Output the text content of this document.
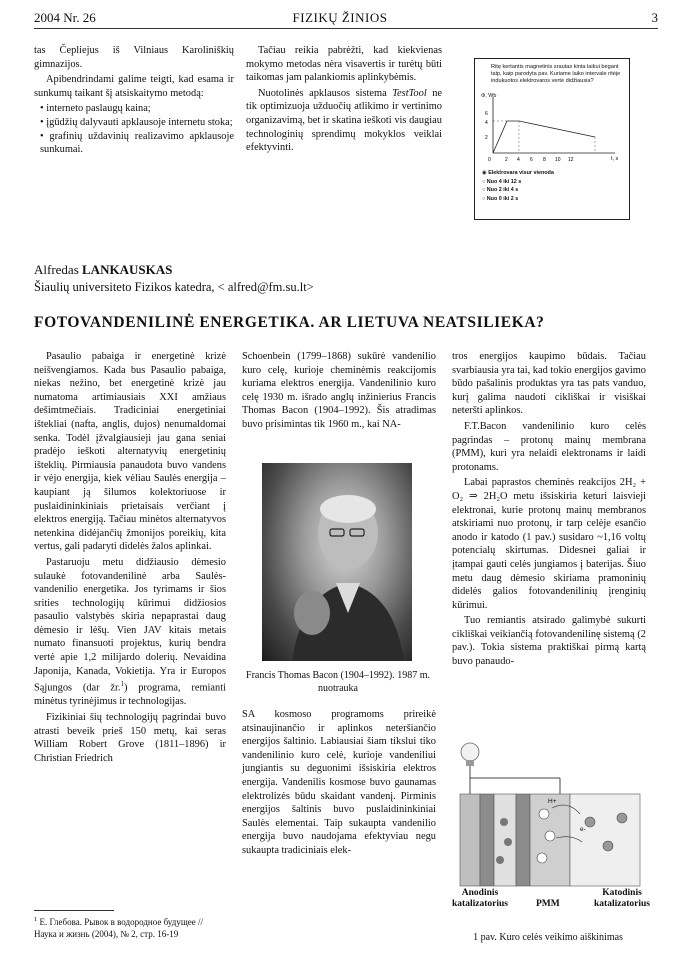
2004 Nr. 26	FIZIKŲ ŽINIOS	3

tas Čepliejus iš Vilniaus Karoliniškių gimnazijos.

Apibendrindami galime teigti, kad esama ir sunkumų taikant šį atsiskaitymo metodą:

• interneto paslaugų kaina;
• įgūdžių dalyvauti apklausoje internetu stoka;
• grafinių uždavinių realizavimo apklausoje sunkumai.

Tačiau reikia pabrėžti, kad kiekvienas mokymo metodas nėra visavertis ir turėtų būti taikomas jam palankiomis aplinkybėmis.

Nuotolinės apklausos sistema TestTool ne tik optimizuoja užduočių atlikimo ir vertinimo organizavimą, bet ir skatina ieškoti vis daugiau technologinių sprendimų mokyklos veiklai efektyvinti.

Ritę kertantis magnetinis srautas kinta laikui bėgant taip, kaip parodyta pav. Kuriame laiko intervale ritėje indukuotos elektrovaros vertė didžiausia?
6
4
2
0	2 4 6 8 10 12
Φ, Wb
t, s
◉ Elektrovara visur vienoda
○ Nuo 4 iki 12 s
○ Nuo 2 iki 4 s
○ Nuo 0 iki 2 s
Alfredas LANKAUSKAS
Šiaulių universiteto Fizikos katedra, < alfred@fm.su.lt>
FOTOVANDENILINĖ ENERGETIKA. AR LIETUVA NEATSILIEKA?

Pasaulio pabaiga ir energetinė krizė neišvengiamos. Kada bus Pasaulio pabaiga, niekas nežino, bet energetinė krizė jau numatoma artimiausiais XXI amžiaus dešimtmečiais. Tradiciniai energetiniai ištekliai (nafta, anglis, dujos) nenumaldomai senka. Todėl įžvalgiausieji jau gana seniai pradėjo ieškoti alternatyvių energetinių išteklių. Pirmiausia panaudota buvo vandens ir vėjo energija, kiek vėliau Saulės energija – kaupiant ją šilumos kolektoriuose ir puslaidininkiniais prietaisais verčiant į elektros energiją. Tačiau minėtos alternatyvos netenkina didėjančių žmonijos poreikių, kita vertus, gali padaryti didelės žalos aplinkai.

Pastaruoju metu didžiausio dėmesio sulaukė fotovandenilinė arba Saulės-vandenilio energetika. Jos tyrimams ir šios srities technologijų kūrimui didžiosios pasaulio valstybės skiria nepaprastai daug dėmesio ir lėšų. Vien JAV kitais metais numato finansuoti projektus, kurių bendra vertė apie 1,2 milijardo dolerių. Nevaidina Japonija, Kanada, Vokietija. Yra ir Europos Sąjungos (dar žr.$^1$) programa, remianti minėtus tyrinėjimus ir technologijas.

Fizikiniai šių technologijų pagrindai buvo atrasti beveik prieš 150 metų, kai seras William Robert Grove (1811–1896) ir Christian Friedrich

$^1$ Е. Глебова. Рывок в водородное будущее // Наука и жизнь (2004), № 2, стр. 16-19

Schoenbein (1799–1868) sukūrė vandenilio kuro celę, kurioje cheminėmis reakcijomis kuriama elektros energija. Vandenilinio kuro celę 1930 m. išrado anglų inžinierius Francis Thomas Bacon (1904–1992). Šis atradimas buvo prisimintas tik 1960 m., kai NA-

Francis Thomas Bacon (1904–1992). 1987 m. nuotrauka

SA kosmoso programoms prireikė atsinaujinančio ir aplinkos neteršiančio energijos šaltinio. Labiausiai šiam tikslui tiko vandenilinio kuro celė, kurioje vandeniliui jungiantis su deguonimi išsiskiria elektros energija. Vandenilis kosmose buvo gaunamas elektrolizės būdu skaidant vandenį. Pirminis energijos šaltinis buvo puslaidininkiniai Saulės elementai. Taip sukaupta vandenilio energija buvo naudojama efektyviau negu sukaupta tradiciniais elek-

tros energijos kaupimo būdais. Tačiau svarbiausia yra tai, kad tokio energijos gavimo būdo pašalinis produktas yra tas pats vanduo, kurį galima naudoti cikliškai ir visiškai neteršti aplinkos.

F.T.Bacon vandenilinio kuro celės pagrindas – protonų mainų membrana (PMM), kuri yra nelaidi elektronams ir laidi protonams.

Labai paprastos cheminės reakcijos 2H₂ + O₂ ⇒ 2H₂O metu išsiskiria keturi laisvieji elektronai, kurie protonų mainų membranos atskiriami nuo protonų, ir tarp celėje esančio anodo ir katodo (1 pav.) susidaro ~1,16 voltų potencialų skirtumas. Didesnei galiai ir įtampai gauti celės jungiamos į baterijas. Šiuo metu daug dėmesio skiriama pramoninių didelės galios fotovandenilinių įrenginių kūrimui.

Tuo remiantis atsirado galimybė sukurti cikliškai veikiančią fotovandenilinę sistemą (2 pav.). Tokia sistema praktiškai pirmą kartą buvo panaudo-

H+
e-
Anodinis katalizatorius	PMM
Katodinis katalizatorius
1 pav. Kuro celės veikimo aiškinimas
